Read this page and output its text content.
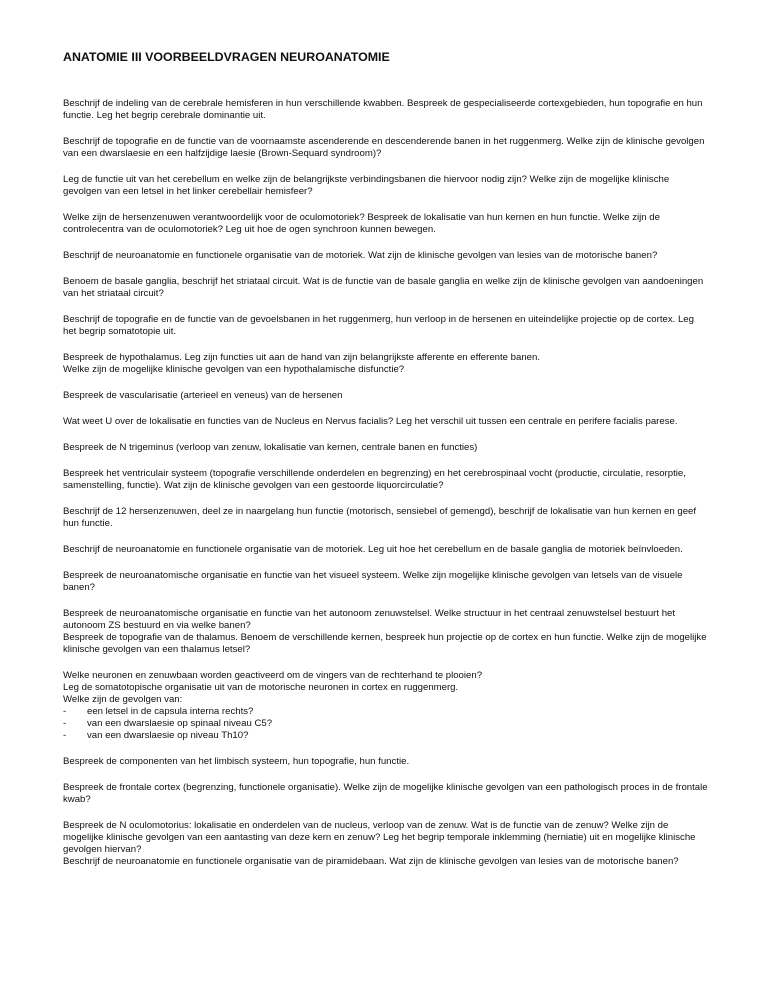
ANATOMIE III VOORBEELDVRAGEN NEUROANATOMIE

Beschrijf de indeling van de cerebrale hemisferen in hun verschillende kwabben. Bespreek de gespecialiseerde cortexgebieden, hun topografie en hun functie. Leg het begrip cerebrale dominantie uit.

Beschrijf de topografie en de functie van de voornaamste ascenderende en descenderende banen in het ruggenmerg. Welke zijn de klinische gevolgen van een dwarslaesie en een halfzijdige laesie (Brown-Sequard syndroom)?

Leg de functie uit van het cerebellum en welke zijn de belangrijkste verbindingsbanen die hiervoor nodig zijn? Welke zijn de mogelijke klinische gevolgen van een letsel in het linker cerebellair hemisfeer?

Welke zijn de hersenzenuwen verantwoordelijk voor de oculomotoriek? Bespreek de lokalisatie van hun kernen en hun functie. Welke zijn de controlecentra van de oculomotoriek? Leg uit hoe de ogen synchroon kunnen bewegen.

Beschrijf de neuroanatomie en functionele organisatie van de motoriek. Wat zijn de klinische gevolgen van lesies van de motorische banen?

Benoem de basale ganglia, beschrijf het striataal circuit. Wat is de functie van de basale ganglia en welke zijn de klinische gevolgen van aandoeningen van het striataal circuit?

Beschrijf de topografie en de functie van de gevoelsbanen in het ruggenmerg, hun verloop in de hersenen en uiteindelijke projectie op de cortex. Leg het begrip somatotopie uit.

Bespreek de hypothalamus. Leg zijn functies uit aan de hand van zijn belangrijkste afferente en efferente banen.

Welke zijn de mogelijke klinische gevolgen van een hypothalamische disfunctie?

Bespreek de vascularisatie (arterieel en veneus) van de hersenen

Wat weet U over de lokalisatie en functies van de Nucleus en Nervus facialis? Leg het verschil uit tussen een centrale en perifere facialis parese.

Bespreek de N trigeminus (verloop van zenuw, lokalisatie van kernen, centrale banen en functies)

Bespreek het ventriculair systeem (topografie verschillende onderdelen en begrenzing) en het cerebrospinaal vocht (productie, circulatie, resorptie, samenstelling, functie). Wat zijn de klinische gevolgen van een gestoorde liquorcirculatie?

Beschrijf de 12 hersenzenuwen, deel ze in naargelang hun functie (motorisch, sensiebel of gemengd), beschrijf de lokalisatie van hun kernen en geef hun functie.

Beschrijf de neuroanatomie en functionele organisatie van de motoriek. Leg uit hoe het cerebellum en de basale ganglia de motoriek beïnvloeden.

Bespreek de neuroanatomische organisatie en functie van het visueel systeem. Welke zijn mogelijke klinische gevolgen van letsels van de visuele banen?

Bespreek de neuroanatomische organisatie en functie van het autonoom zenuwstelsel. Welke structuur in het centraal zenuwstelsel bestuurt het autonoom ZS bestuurd en via welke banen?

Bespreek de topografie van de thalamus. Benoem de verschillende kernen, bespreek hun projectie op de cortex en hun functie. Welke zijn de mogelijke klinische gevolgen van een thalamus letsel?

Welke neuronen en zenuwbaan worden geactiveerd om de vingers van de rechterhand te plooien?

Leg de somatotopische organisatie uit van de motorische neuronen in cortex en ruggenmerg.

Welke zijn de gevolgen van:

- een letsel in de capsula interna rechts?
- van een dwarslaesie op spinaal niveau C5?
- van een dwarslaesie op niveau Th10?

Bespreek de componenten van het limbisch systeem, hun topografie, hun functie.

Bespreek de frontale cortex (begrenzing, functionele organisatie). Welke zijn de mogelijke klinische gevolgen van een pathologisch proces in de frontale kwab?

Bespreek de N oculomotorius: lokalisatie en onderdelen van de nucleus, verloop van de zenuw. Wat is de functie van de zenuw? Welke zijn de mogelijke klinische gevolgen van een aantasting van deze kern en zenuw? Leg het begrip temporale inklemming (herniatie) uit en mogelijke klinische gevolgen hiervan?

Beschrijf de neuroanatomie en functionele organisatie van de piramidebaan. Wat zijn de klinische gevolgen van lesies van de motorische banen?
